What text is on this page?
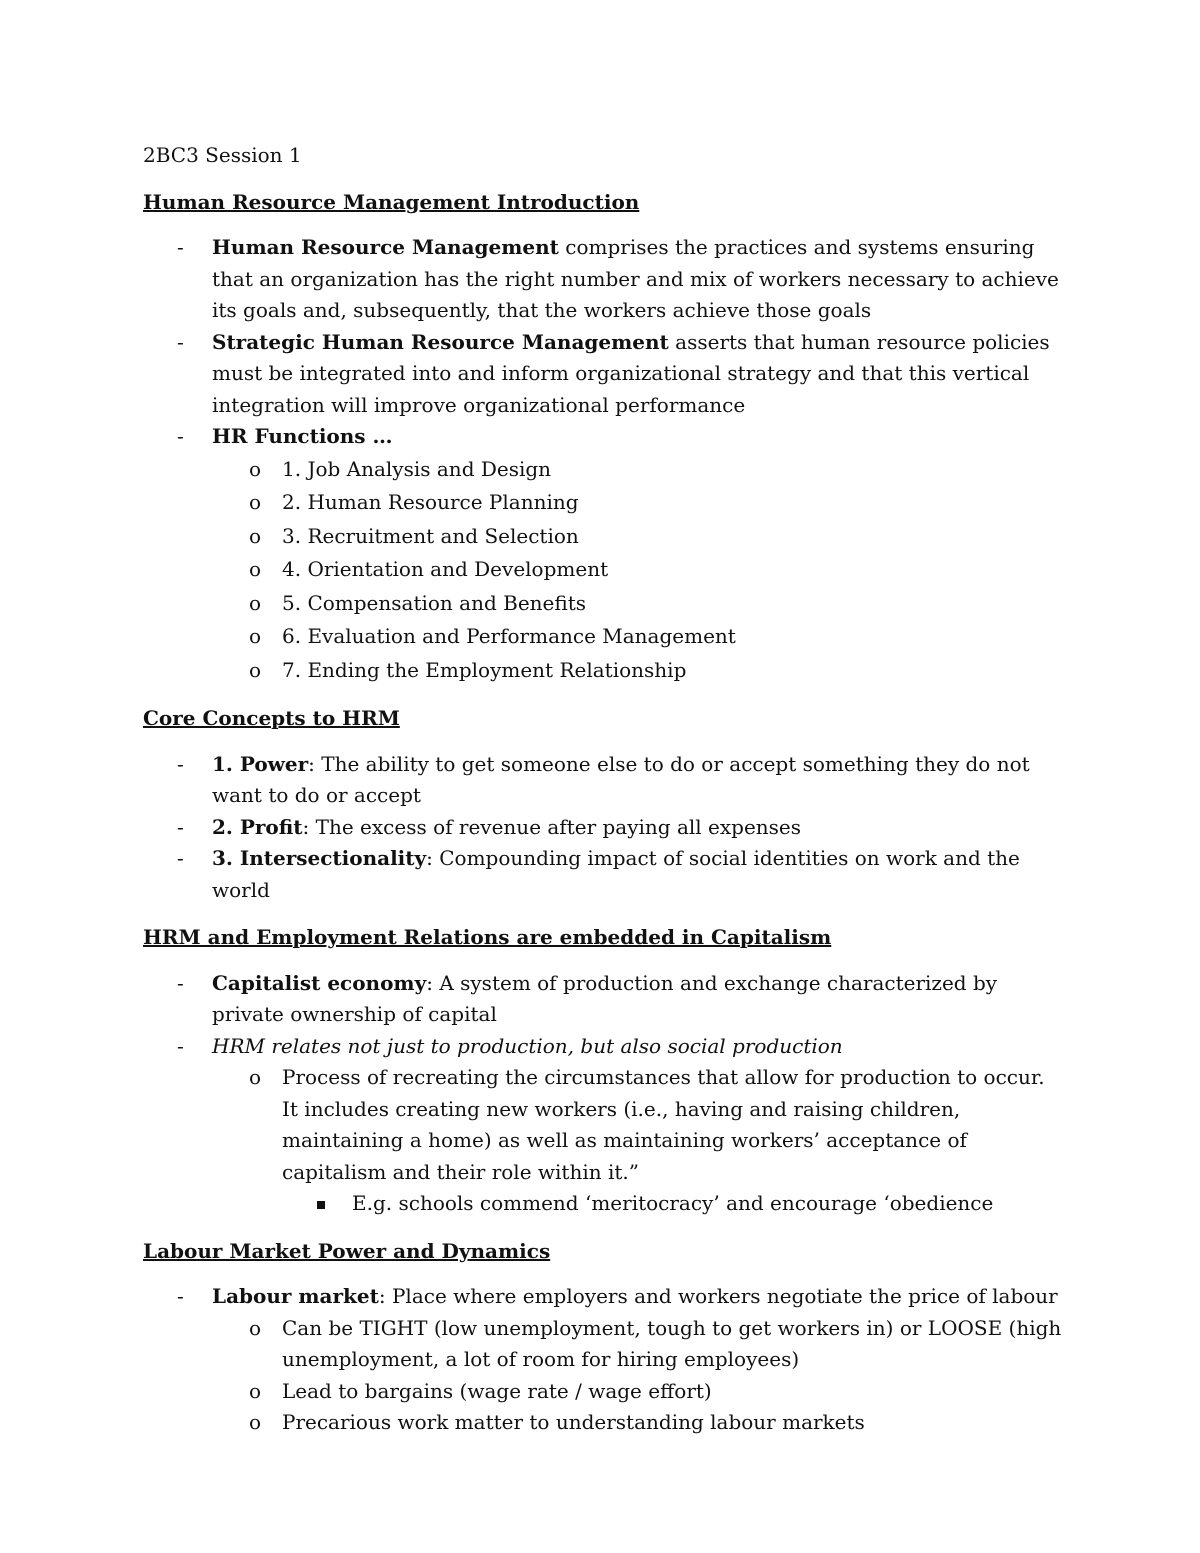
2BC3 Session 1

Human Resource Management Introduction

- Human Resource Management comprises the practices and systems ensuring that an organization has the right number and mix of workers necessary to achieve its goals and, subsequently, that the workers achieve those goals
- Strategic Human Resource Management asserts that human resource policies must be integrated into and inform organizational strategy and that this vertical integration will improve organizational performance
- HR Functions …
o 1. Job Analysis and Design
o 2. Human Resource Planning
o 3. Recruitment and Selection
o 4. Orientation and Development
o 5. Compensation and Benefits
o 6. Evaluation and Performance Management
o 7. Ending the Employment Relationship

Core Concepts to HRM

- 1. Power: The ability to get someone else to do or accept something they do not want to do or accept
- 2. Profit: The excess of revenue after paying all expenses
- 3. Intersectionality: Compounding impact of social identities on work and the world

HRM and Employment Relations are embedded in Capitalism

- Capitalist economy: A system of production and exchange characterized by private ownership of capital
- HRM relates not just to production, but also social production
o Process of recreating the circumstances that allow for production to occur. It includes creating new workers (i.e., having and raising children, maintaining a home) as well as maintaining workers’ acceptance of capitalism and their role within it.”
E.g. schools commend ‘meritocracy’ and encourage ‘obedience

Labour Market Power and Dynamics

- Labour market: Place where employers and workers negotiate the price of labour
o Can be TIGHT (low unemployment, tough to get workers in) or LOOSE (high unemployment, a lot of room for hiring employees)
o Lead to bargains (wage rate / wage effort)
o Precarious work matter to understanding labour markets
